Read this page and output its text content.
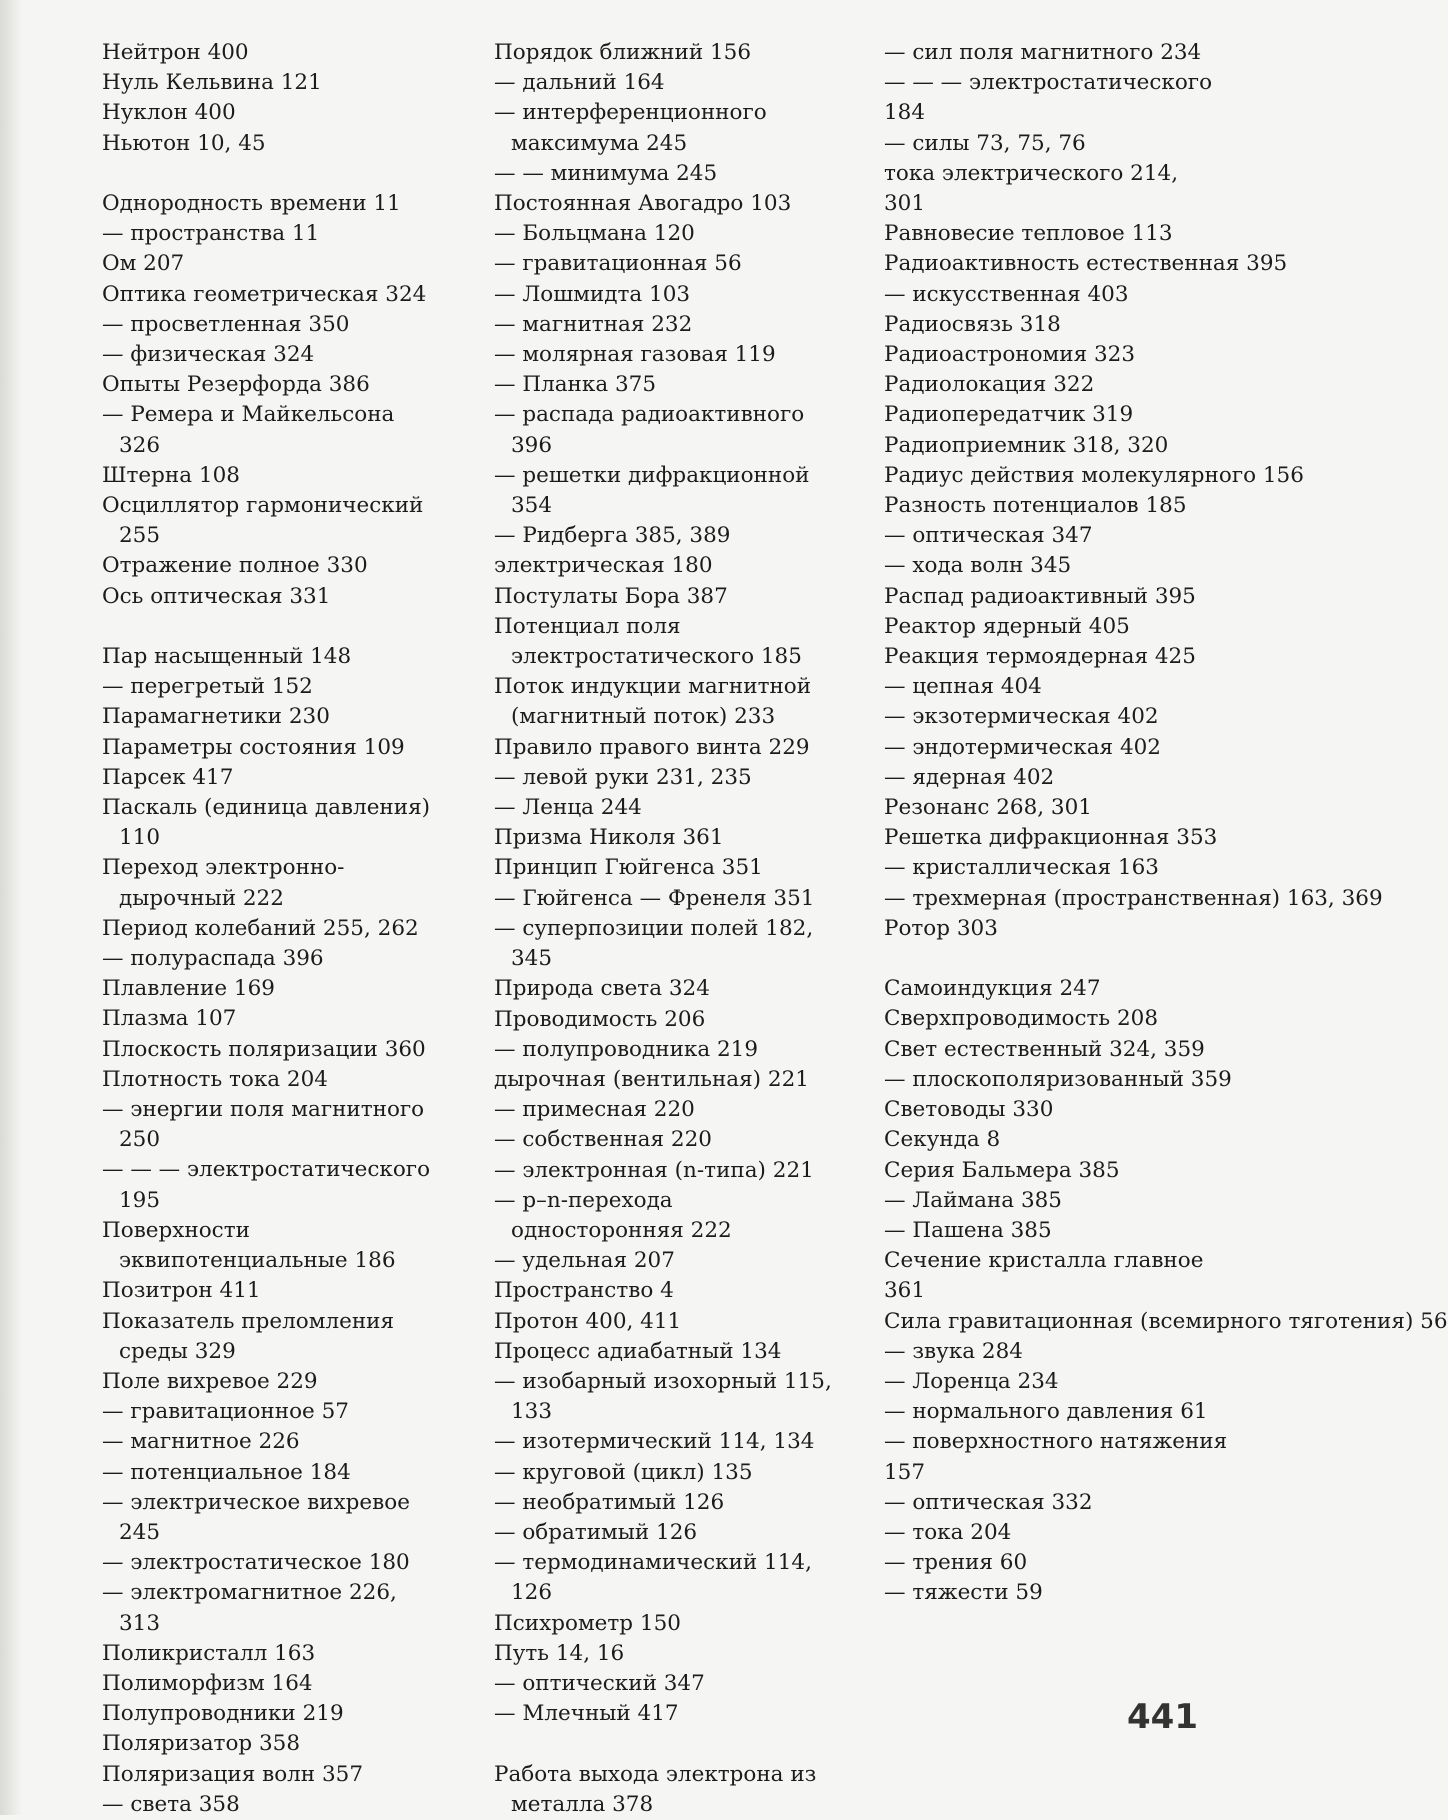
Нейтрон 400
Нуль Кельвина 121
Нуклон 400
Ньютон 10, 45
Однородность времени 11
— пространства 11
Ом 207
Оптика геометрическая 324
— просветленная 350
— физическая 324
Опыты Резерфорда 386
— Ремера и Майкельсона 326
Штерна 108
Осциллятор гармонический 255
Отражение полное 330
Ось оптическая 331
Пар насыщенный 148
— перегретый 152
Парамагнетики 230
Параметры состояния 109
Парсек 417
Паскаль (единица давления) 110
Переход электронно-дырочный 222
Период колебаний 255, 262
— полураспада 396
Плавление 169
Плазма 107
Плоскость поляризации 360
Плотность тока 204
— энергии поля магнитного 250
— — — электростатического 195
Поверхности эквипотенциальные 186
Позитрон 411
Показатель преломления среды 329
Поле вихревое 229
— гравитационное 57
— магнитное 226
— потенциальное 184
— электрическое вихревое 245
— электростатическое 180
— электромагнитное 226, 313
Поликристалл 163
Полиморфизм 164
Полупроводники 219
Поляризатор 358
Поляризация волн 357
— света 358
Порядок ближний 156
— дальний 164
— интерференционного максимума 245
— — минимума 245
Постоянная Авогадро 103
— Больцмана 120
— гравитационная 56
— Лошмидта 103
— магнитная 232
— молярная газовая 119
— Планка 375
— распада радиоактивного 396
— решетки дифракционной 354
— Ридберга 385, 389
электрическая 180
Постулаты Бора 387
Потенциал поля электростатического 185
Поток индукции магнитной (магнитный поток) 233
Правило правого винта 229
— левой руки 231, 235
— Ленца 244
Призма Николя 361
Принцип Гюйгенса 351
— Гюйгенса — Френеля 351
— суперпозиции полей 182, 345
Природа света 324
Проводимость 206
— полупроводника 219
дырочная (вентильная) 221
— примесная 220
— собственная 220
— электронная (n-типа) 221
— p–n-перехода односторонняя 222
— удельная 207
Пространство 4
Протон 400, 411
Процесс адиабатный 134
— изобарный изохорный 115, 133
— изотермический 114, 134
— круговой (цикл) 135
— необратимый 126
— обратимый 126
— термодинамический 114, 126
Психрометр 150
Путь 14, 16
— оптический 347
— Млечный 417
Работа выхода электрона из металла 378
— сил поля магнитного 234
— — — электростатического
184
— силы 73, 75, 76
тока электрического 214,
301
Равновесие тепловое 113
Радиоактивность естественная 395
— искусственная 403
Радиосвязь 318
Радиоастрономия 323
Радиолокация 322
Радиопередатчик 319
Радиоприемник 318, 320
Радиус действия молекулярного 156
Разность потенциалов 185
— оптическая 347
— хода волн 345
Распад радиоактивный 395
Реактор ядерный 405
Реакция термоядерная 425
— цепная 404
— экзотермическая 402
— эндотермическая 402
— ядерная 402
Резонанс 268, 301
Решетка дифракционная 353
— кристаллическая 163
— трехмерная (пространственная) 163, 369
Ротор 303
Самоиндукция 247
Сверхпроводимость 208
Свет естественный 324, 359
— плоскополяризованный 359
Световоды 330
Секунда 8
Серия Бальмера 385
— Лаймана 385
— Пашена 385
Сечение кристалла главное
361
Сила гравитационная (всемирного тяготения) 56
— звука 284
— Лоренца 234
— нормального давления 61
— поверхностного натяжения
157
— оптическая 332
— тока 204
— трения 60
— тяжести 59
441
